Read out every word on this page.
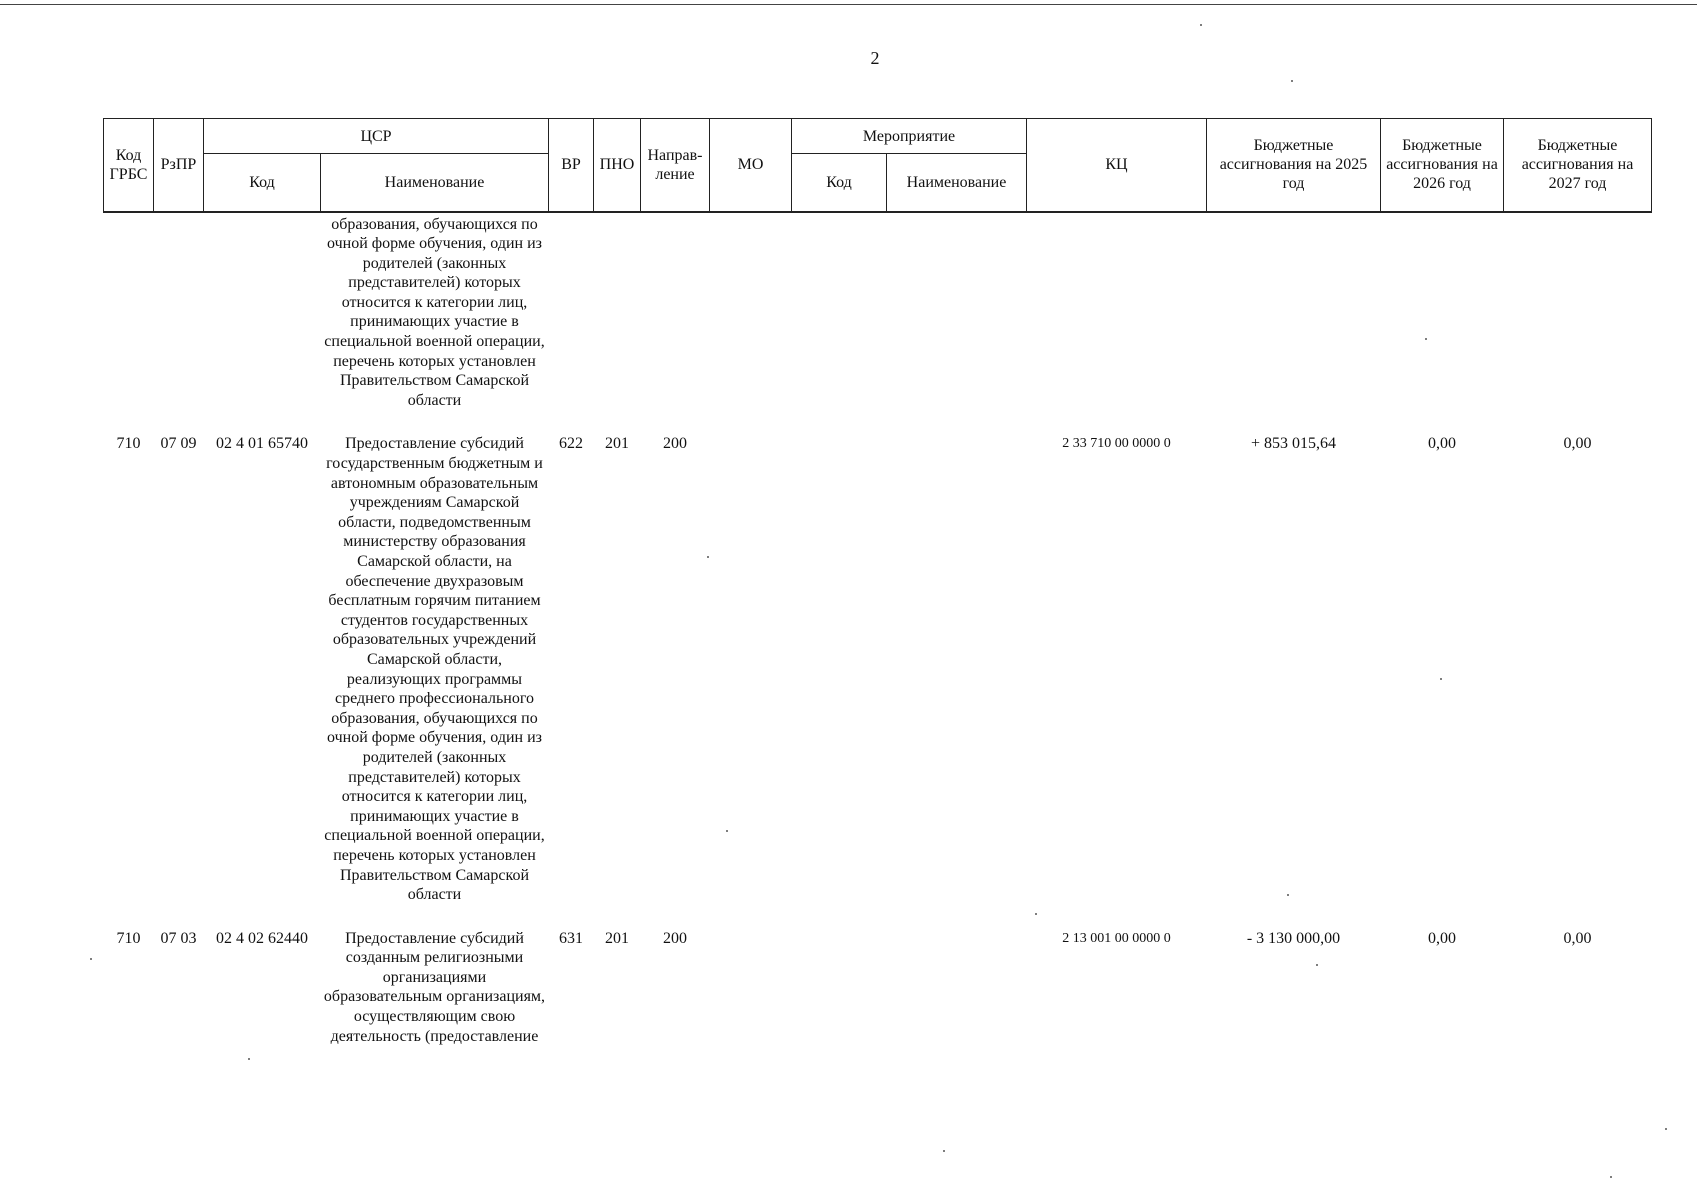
2
Код ГРБС	РзПР	ЦСР		ВР	ПНО	Направ-ление	МО	Мероприятие		КЦ	Бюджетные ассигнования на 2025 год	Бюджетные ассигнования на 2026 год	Бюджетные ассигнования на 2027 год
		Код	Наименование					Код	Наименование				
			образования, обучающихся по очной форме обучения, один из родителей (законных представителей) которых относится к категории лиц, принимающих участие в специальной военной операции, перечень которых установлен Правительством Самарской области										
710	07 09	02 4 01 65740	Предоставление субсидий государственным бюджетным и автономным образовательным учреждениям Самарской области, подведомственным министерству образования Самарской области, на обеспечение двухразовым бесплатным горячим питанием студентов государственных образовательных учреждений Самарской области, реализующих программы среднего профессионального образования, обучающихся по очной форме обучения, один из родителей (законных представителей) которых относится к категории лиц, принимающих участие в специальной военной операции, перечень которых установлен Правительством Самарской области	622	201	200				2 33 710 00 0000 0	+ 853 015,64	0,00	0,00
710	07 03	02 4 02 62440	Предоставление субсидий созданным религиозными организациями образовательным организациям, осуществляющим свою деятельность (предоставление	631	201	200				2 13 001 00 0000 0	- 3 130 000,00	0,00	0,00
